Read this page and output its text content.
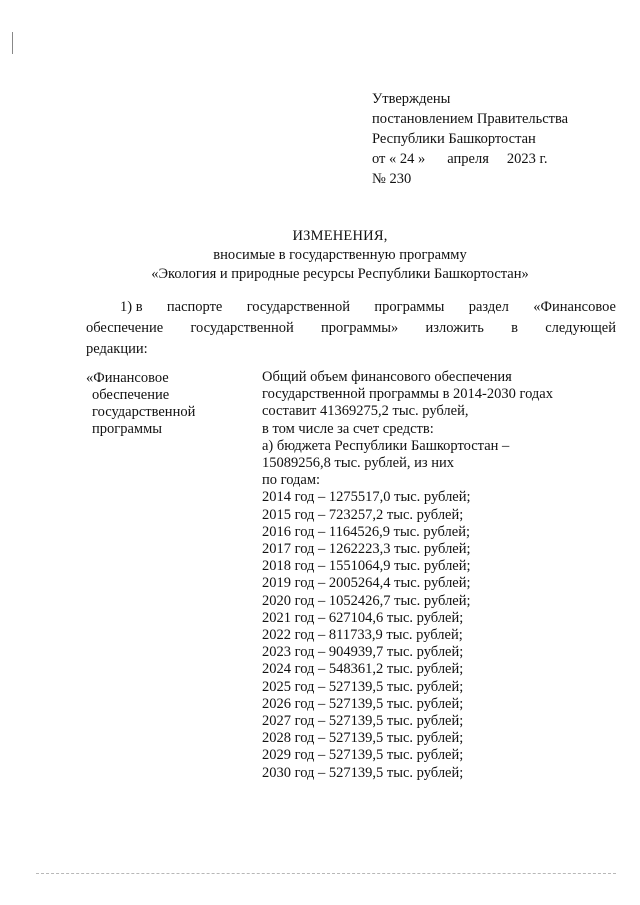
Утверждены
постановлением Правительства
Республики Башкортостан
от « 24 » апреля 2023 г.
№ 230
ИЗМЕНЕНИЯ,
вносимые в государственную программу
«Экология и природные ресурсы Республики Башкортостан»
1) в паспорте государственной программы раздел «Финансовое
обеспечение государственной программы» изложить в следующей
редакции:
«Финансовое
обеспечение
государственной
программы
Общий объем финансового обеспечения
государственной программы в 2014-2030 годах
составит 41369275,2 тыс. рублей,
в том числе за счет средств:
а) бюджета Республики Башкортостан –
15089256,8 тыс. рублей, из них
по годам:
2014 год – 1275517,0 тыс. рублей;
2015 год – 723257,2 тыс. рублей;
2016 год – 1164526,9 тыс. рублей;
2017 год – 1262223,3 тыс. рублей;
2018 год – 1551064,9 тыс. рублей;
2019 год – 2005264,4 тыс. рублей;
2020 год – 1052426,7 тыс. рублей;
2021 год – 627104,6 тыс. рублей;
2022 год – 811733,9 тыс. рублей;
2023 год – 904939,7 тыс. рублей;
2024 год – 548361,2 тыс. рублей;
2025 год – 527139,5 тыс. рублей;
2026 год – 527139,5 тыс. рублей;
2027 год – 527139,5 тыс. рублей;
2028 год – 527139,5 тыс. рублей;
2029 год – 527139,5 тыс. рублей;
2030 год – 527139,5 тыс. рублей;
